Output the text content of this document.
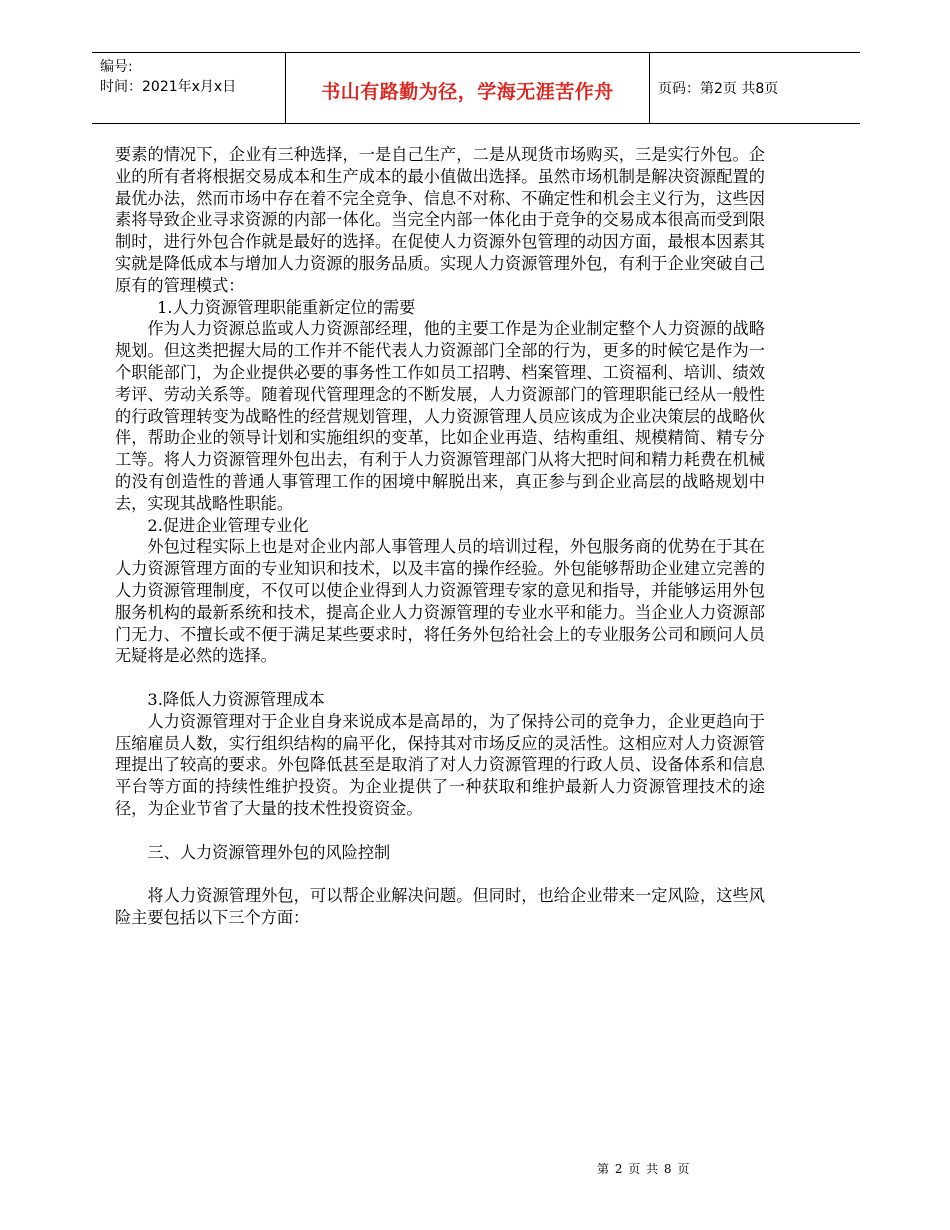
编号:
时间：2021年x月x日	书山有路勤为径，学海无涯苦作舟	页码：第2页 共8页

要素的情况下，企业有三种选择，一是自己生产，二是从现货市场购买，三是实行外包。企业的所有者将根据交易成本和生产成本的最小值做出选择。虽然市场机制是解决资源配置的最优办法，然而市场中存在着不完全竞争、信息不对称、不确定性和机会主义行为，这些因素将导致企业寻求资源的内部一体化。当完全内部一体化由于竞争的交易成本很高而受到限制时，进行外包合作就是最好的选择。在促使人力资源外包管理的动因方面，最根本因素其实就是降低成本与增加人力资源的服务品质。实现人力资源管理外包，有利于企业突破自己原有的管理模式：

1.人力资源管理职能重新定位的需要

作为人力资源总监或人力资源部经理，他的主要工作是为企业制定整个人力资源的战略规划。但这类把握大局的工作并不能代表人力资源部门全部的行为，更多的时候它是作为一个职能部门，为企业提供必要的事务性工作如员工招聘、档案管理、工资福利、培训、绩效考评、劳动关系等。随着现代管理理念的不断发展，人力资源部门的管理职能已经从一般性的行政管理转变为战略性的经营规划管理，人力资源管理人员应该成为企业决策层的战略伙伴，帮助企业的领导计划和实施组织的变革，比如企业再造、结构重组、规模精简、精专分工等。将人力资源管理外包出去，有利于人力资源管理部门从将大把时间和精力耗费在机械的没有创造性的普通人事管理工作的困境中解脱出来，真正参与到企业高层的战略规划中去，实现其战略性职能。

2.促进企业管理专业化

外包过程实际上也是对企业内部人事管理人员的培训过程，外包服务商的优势在于其在人力资源管理方面的专业知识和技术，以及丰富的操作经验。外包能够帮助企业建立完善的人力资源管理制度，不仅可以使企业得到人力资源管理专家的意见和指导，并能够运用外包服务机构的最新系统和技术，提高企业人力资源管理的专业水平和能力。当企业人力资源部门无力、不擅长或不便于满足某些要求时，将任务外包给社会上的专业服务公司和顾问人员无疑将是必然的选择。

3.降低人力资源管理成本

人力资源管理对于企业自身来说成本是高昂的，为了保持公司的竞争力，企业更趋向于压缩雇员人数，实行组织结构的扁平化，保持其对市场反应的灵活性。这相应对人力资源管理提出了较高的要求。外包降低甚至是取消了对人力资源管理的行政人员、设备体系和信息平台等方面的持续性维护投资。为企业提供了一种获取和维护最新人力资源管理技术的途径，为企业节省了大量的技术性投资资金。

三、人力资源管理外包的风险控制

将人力资源管理外包，可以帮企业解决问题。但同时，也给企业带来一定风险，这些风险主要包括以下三个方面：

第 2 页 共 8 页
